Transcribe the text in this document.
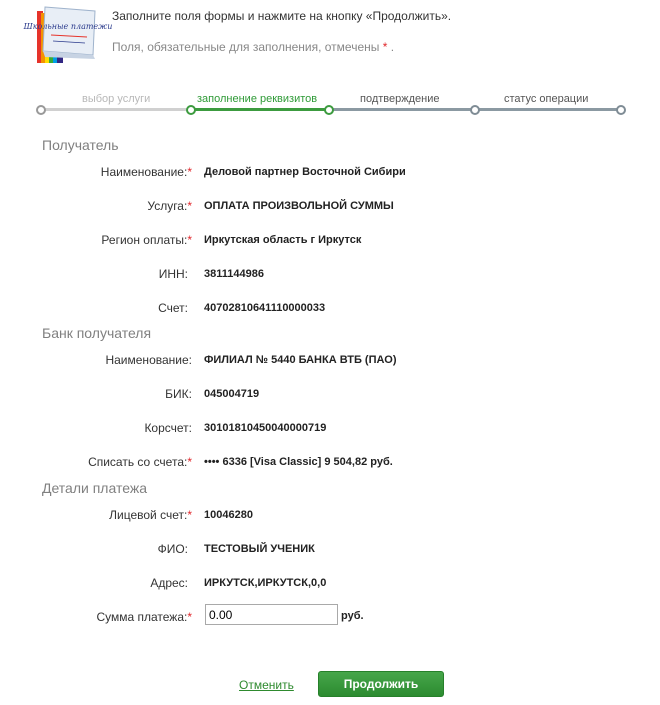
Школьные платежи
Заполните поля формы и нажмите на кнопку «Продолжить».
Поля, обязательные для заполнения, отмечены * .
выбор услуги	заполнение реквизитов	подтверждение	статус операции
Получатель
Наименование:* Деловой партнер Восточной Сибири
Услуга:* ОПЛАТА ПРОИЗВОЛЬНОЙ СУММЫ
Регион оплаты:* Иркутская область г Иркутск
ИНН: 3811144986
Счет: 40702810641110000033
Банк получателя
Наименование: ФИЛИАЛ № 5440 БАНКА ВТБ (ПАО)
БИК: 045004719
Корсчет: 30101810450040000719
Списать со счета:* •••• 6336 [Visa Classic] 9 504,82 руб.
Детали платежа
Лицевой счет:* 10046280
ФИО: ТЕСТОВЫЙ УЧЕНИК
Адрес: ИРКУТСК,ИРКУТСК,0,0
Сумма платежа:*
0.00	руб.
Отменить	Продолжить
